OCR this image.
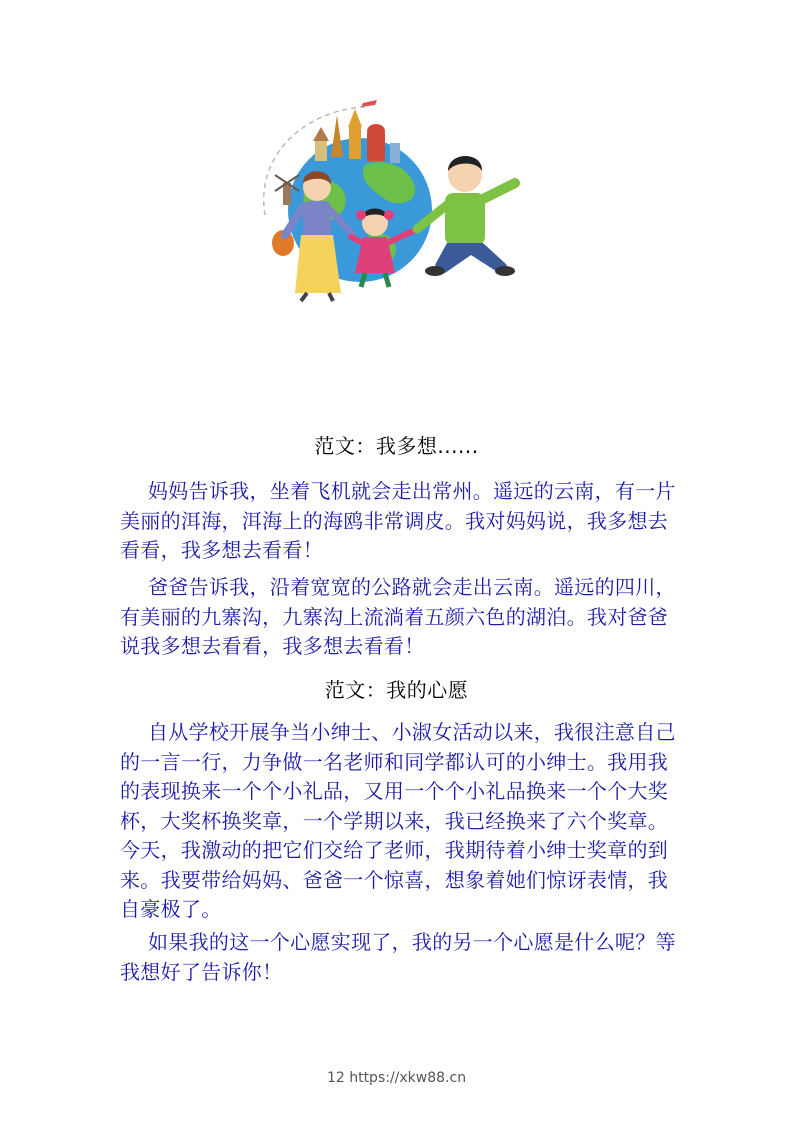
范文：我多想......

妈妈告诉我，坐着飞机就会走出常州。遥远的云南，有一片美丽的洱海，洱海上的海鸥非常调皮。我对妈妈说，我多想去看看，我多想去看看！

爸爸告诉我，沿着宽宽的公路就会走出云南。遥远的四川，有美丽的九寨沟，九寨沟上流淌着五颜六色的湖泊。我对爸爸说我多想去看看，我多想去看看！

范文：我的心愿

自从学校开展争当小绅士、小淑女活动以来，我很注意自己的一言一行，力争做一名老师和同学都认可的小绅士。我用我的表现换来一个个小礼品，又用一个个小礼品换来一个个大奖杯，大奖杯换奖章，一个学期以来，我已经换来了六个奖章。今天，我激动的把它们交给了老师，我期待着小绅士奖章的到来。我要带给妈妈、爸爸一个惊喜，想象着她们惊讶表情，我自豪极了。

如果我的这一个心愿实现了，我的另一个心愿是什么呢？等我想好了告诉你！

12 https://xkw88.cn
